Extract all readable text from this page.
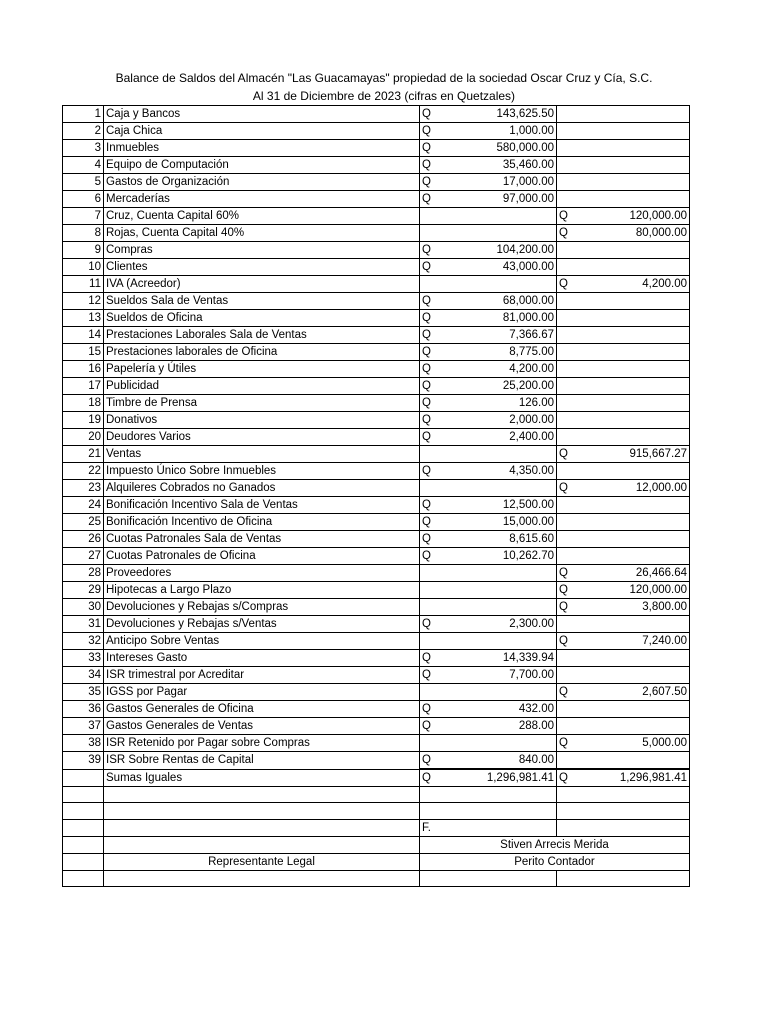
Balance de Saldos del Almacén "Las Guacamayas" propiedad de la sociedad Oscar Cruz y Cía, S.C.
Al 31 de Diciembre de 2023 (cifras en Quetzales)
1	Caja y Bancos	Q 143,625.50	

2	Caja Chica	Q 1,000.00	

3	Inmuebles	Q 580,000.00	

4	Equipo de Computación	Q 35,460.00	

5	Gastos de Organización	Q 17,000.00	

6	Mercaderías	Q 97,000.00	

7	Cruz, Cuenta Capital 60%		Q 120,000.00

8	Rojas, Cuenta Capital 40%		Q 80,000.00

9	Compras	Q 104,200.00	

10	Clientes	Q 43,000.00	

11	IVA (Acreedor)		Q 4,200.00

12	Sueldos Sala de Ventas	Q 68,000.00	

13	Sueldos de Oficina	Q 81,000.00	

14	Prestaciones Laborales Sala de Ventas	Q 7,366.67	

15	Prestaciones laborales de Oficina	Q 8,775.00	

16	Papelería y Útiles	Q 4,200.00	

17	Publicidad	Q 25,200.00	

18	Timbre de Prensa	Q 126.00	

19	Donativos	Q 2,000.00	

20	Deudores Varios	Q 2,400.00	

21	Ventas		Q 915,667.27

22	Impuesto Único Sobre Inmuebles	Q 4,350.00	

23	Alquileres Cobrados no Ganados		Q 12,000.00

24	Bonificación Incentivo Sala de Ventas	Q 12,500.00	

25	Bonificación Incentivo de Oficina	Q 15,000.00	

26	Cuotas Patronales Sala de Ventas	Q 8,615.60	

27	Cuotas Patronales de Oficina	Q 10,262.70	

28	Proveedores		Q 26,466.64

29	Hipotecas a Largo Plazo		Q 120,000.00

30	Devoluciones y Rebajas s/Compras		Q 3,800.00

31	Devoluciones y Rebajas s/Ventas	Q 2,300.00	

32	Anticipo Sobre Ventas		Q 7,240.00

33	Intereses Gasto	Q 14,339.94	

34	ISR trimestral por Acreditar	Q 7,700.00	

35	IGSS por Pagar		Q 2,607.50

36	Gastos Generales de Oficina	Q 432.00	

37	Gastos Generales de Ventas	Q 288.00	

38	ISR Retenido por Pagar sobre Compras		Q 5,000.00

39	ISR Sobre Rentas de Capital	Q 840.00	

	Sumas Iguales	Q 1,296,981.41	Q 1,296,981.41

		F.	
		Stiven Arrecis Merida	
	Representante Legal	Perito Contador	
